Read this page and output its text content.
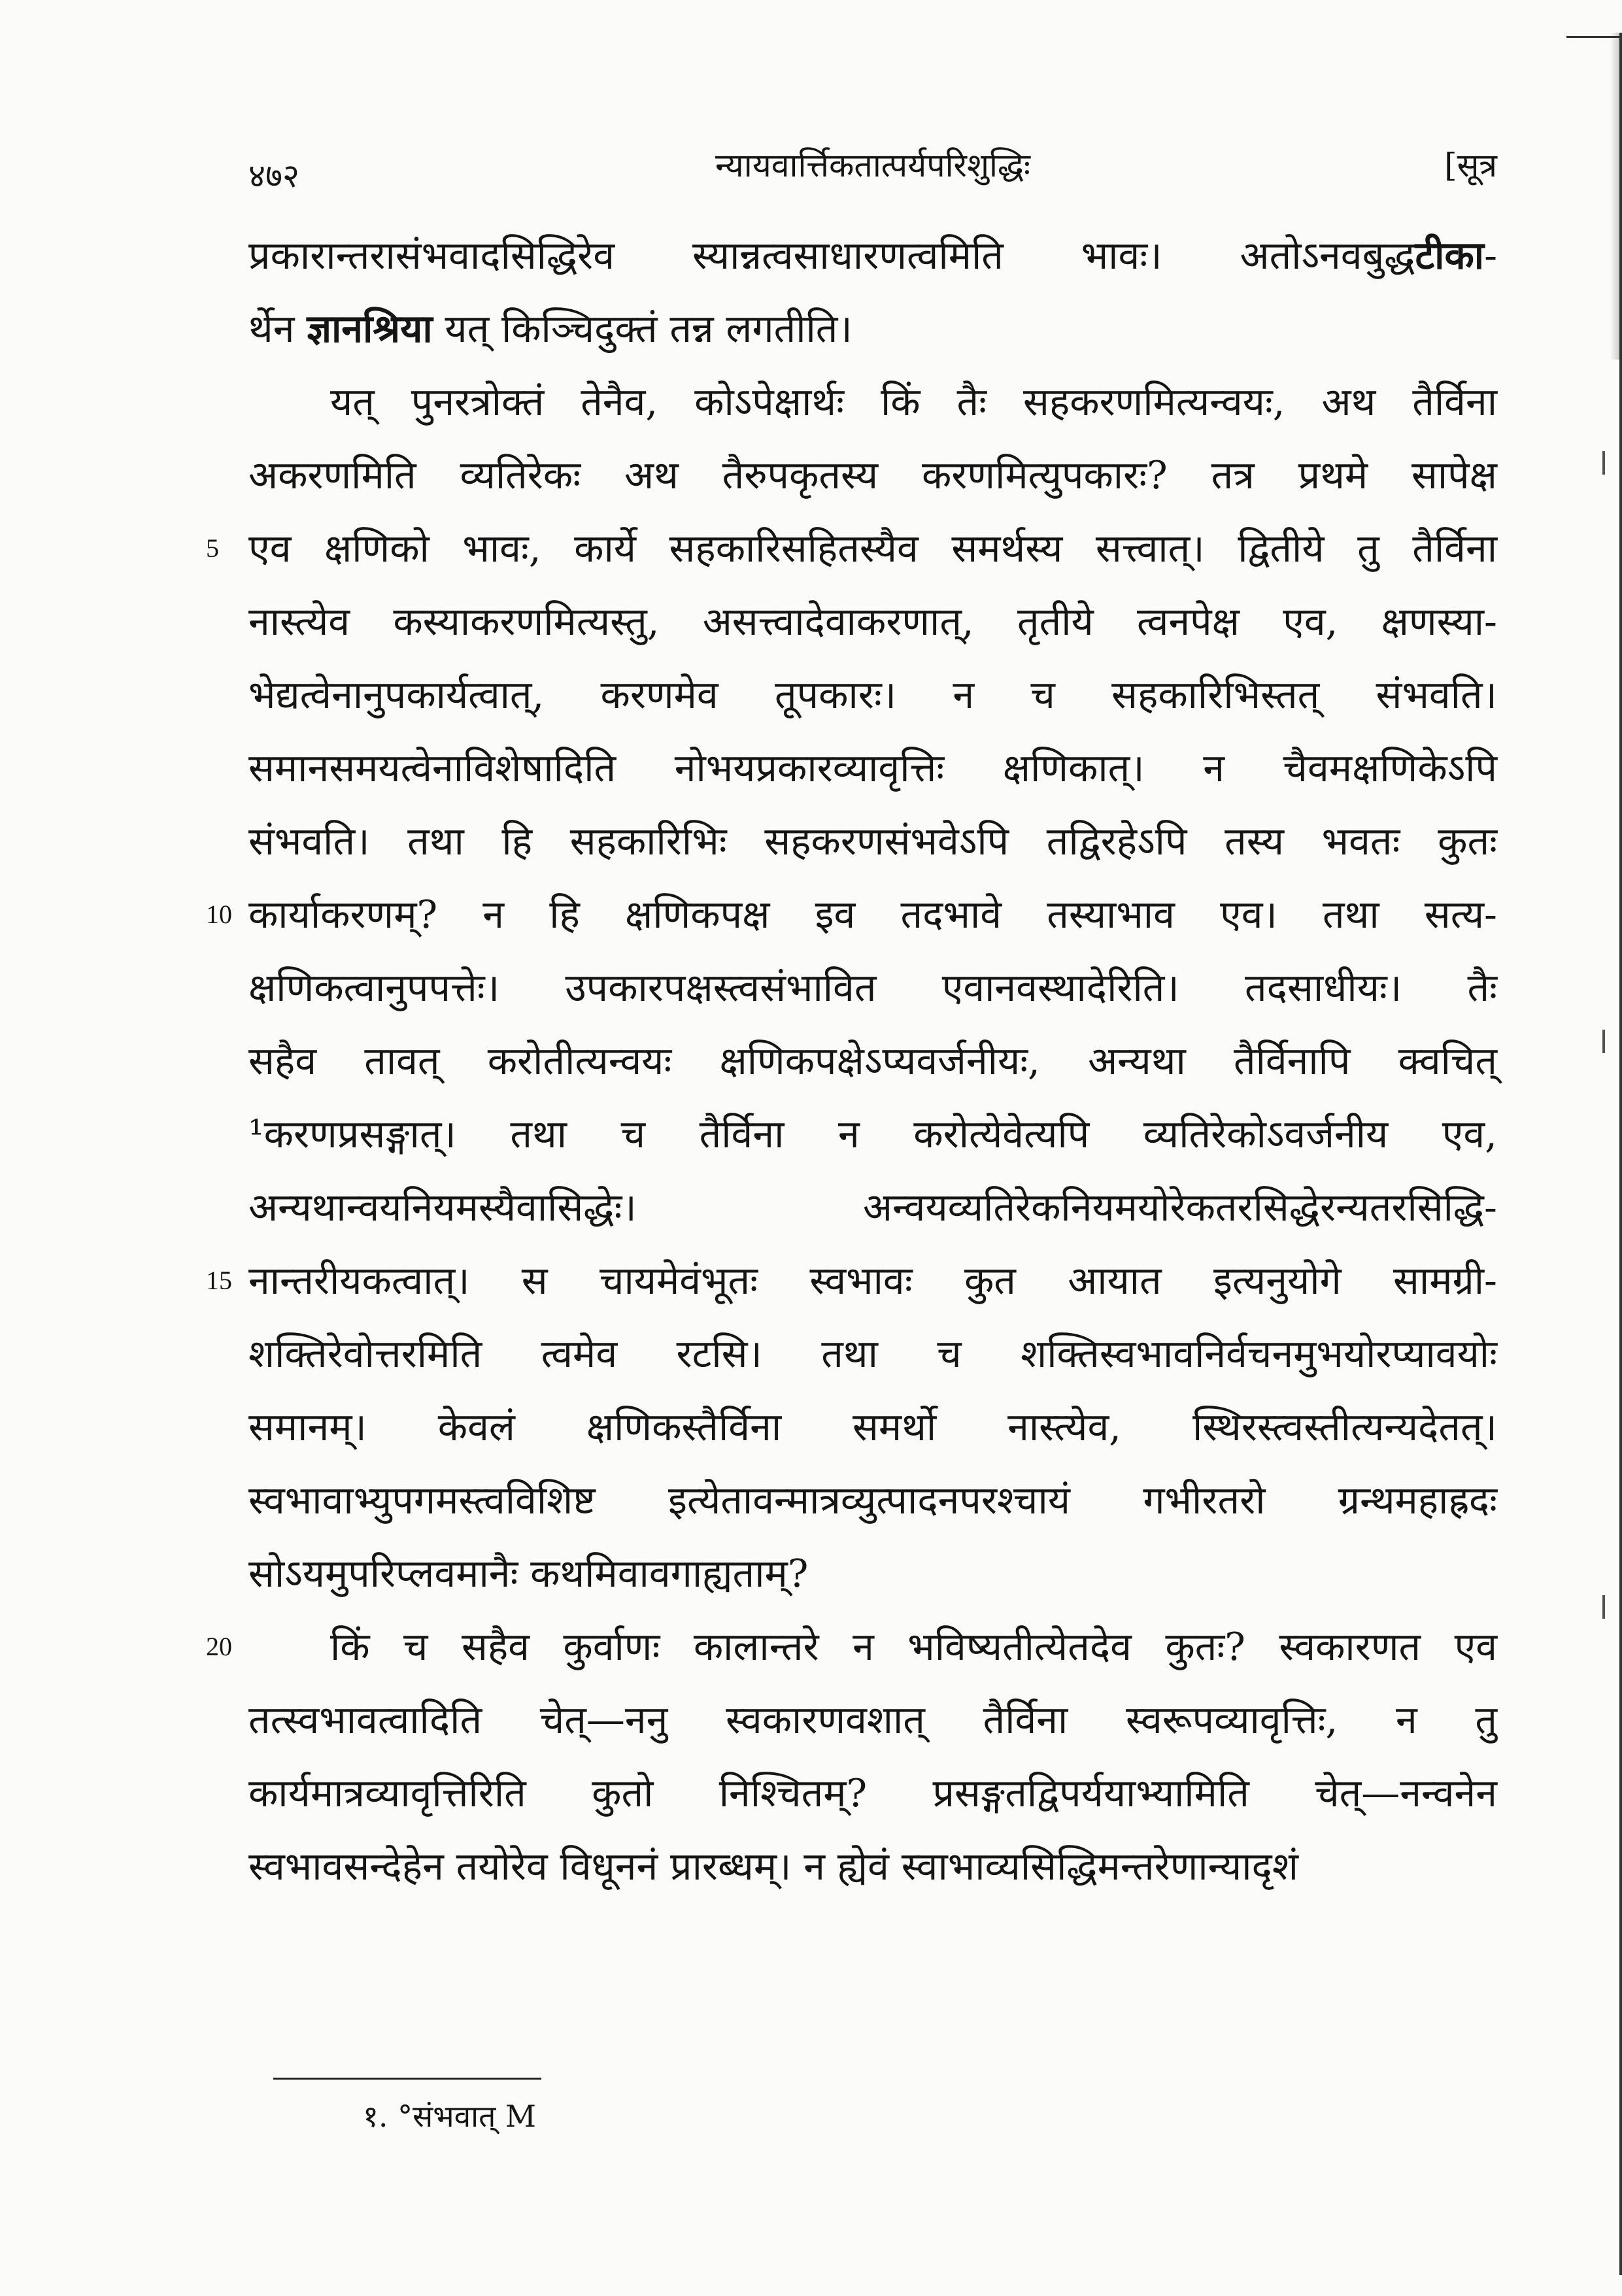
४७२	न्यायवार्त्तिकतात्पर्यपरिशुद्धिः	[सूत्र
प्रकारान्तरासंभवादसिद्धिरेव स्यान्नत्वसाधारणत्वमिति भावः। अतोऽनवबुद्धटीका-
र्थेन ज्ञानश्रिया यत् किञ्चिदुक्तं तन्न लगतीति।
यत् पुनरत्रोक्तं तेनैव, कोऽपेक्षार्थः किं तैः सहकरणमित्यन्वयः, अथ तैर्विना
अकरणमिति व्यतिरेकः अथ तैरुपकृतस्य करणमित्युपकारः? तत्र प्रथमे सापेक्ष
5 एव क्षणिको भावः, कार्ये सहकारिसहितस्यैव समर्थस्य सत्त्वात्। द्वितीये तु तैर्विना
नास्त्येव कस्याकरणमित्यस्तु, असत्त्वादेवाकरणात्, तृतीये त्वनपेक्ष एव, क्षणस्या-
भेद्यत्वेनानुपकार्यत्वात्, करणमेव तूपकारः। न च सहकारिभिस्तत् संभवति।
समानसमयत्वेनाविशेषादिति नोभयप्रकारव्यावृत्तिः क्षणिकात्। न चैवमक्षणिकेऽपि
संभवति। तथा हि सहकारिभिः सहकरणसंभवेऽपि तद्विरहेऽपि तस्य भवतः कुतः
10 कार्याकरणम्? न हि क्षणिकपक्ष इव तदभावे तस्याभाव एव। तथा सत्य-
क्षणिकत्वानुपपत्तेः। उपकारपक्षस्त्वसंभावित एवानवस्थादेरिति। तदसाधीयः। तैः
सहैव तावत् करोतीत्यन्वयः क्षणिकपक्षेऽप्यवर्जनीयः, अन्यथा तैर्विनापि क्वचित्
¹करणप्रसङ्गात्। तथा च तैर्विना न करोत्येवेत्यपि व्यतिरेकोऽवर्जनीय एव,
अन्यथान्वयनियमस्यैवासिद्धेः। अन्वयव्यतिरेकनियमयोरेकतरसिद्धेरन्यतरसिद्धि-
15 नान्तरीयकत्वात्। स चायमेवंभूतः स्वभावः कुत आयात इत्यनुयोगे सामग्री-
शक्तिरेवोत्तरमिति त्वमेव रटसि। तथा च शक्तिस्वभावनिर्वचनमुभयोरप्यावयोः
समानम्। केवलं क्षणिकस्तैर्विना समर्थो नास्त्येव, स्थिरस्त्वस्तीत्यन्यदेतत्।
स्वभावाभ्युपगमस्त्वविशिष्ट इत्येतावन्मात्रव्युत्पादनपरश्चायं गभीरतरो ग्रन्थमहाह्रदः
सोऽयमुपरिप्लवमानैः कथमिवावगाह्यताम्?
20	किं च सहैव कुर्वाणः कालान्तरे न भविष्यतीत्येतदेव कुतः? स्वकारणत एव
तत्स्वभावत्वादिति चेत्—ननु स्वकारणवशात् तैर्विना स्वरूपव्यावृत्तिः, न तु
कार्यमात्रव्यावृत्तिरिति कुतो निश्चितम्? प्रसङ्गतद्विपर्ययाभ्यामिति चेत्—नन्वनेन
स्वभावसन्देहेन तयोरेव विधूननं प्रारब्धम्। न ह्येवं स्वाभाव्यसिद्धिमन्तरेणान्यादृशं
१. °संभवात् M
